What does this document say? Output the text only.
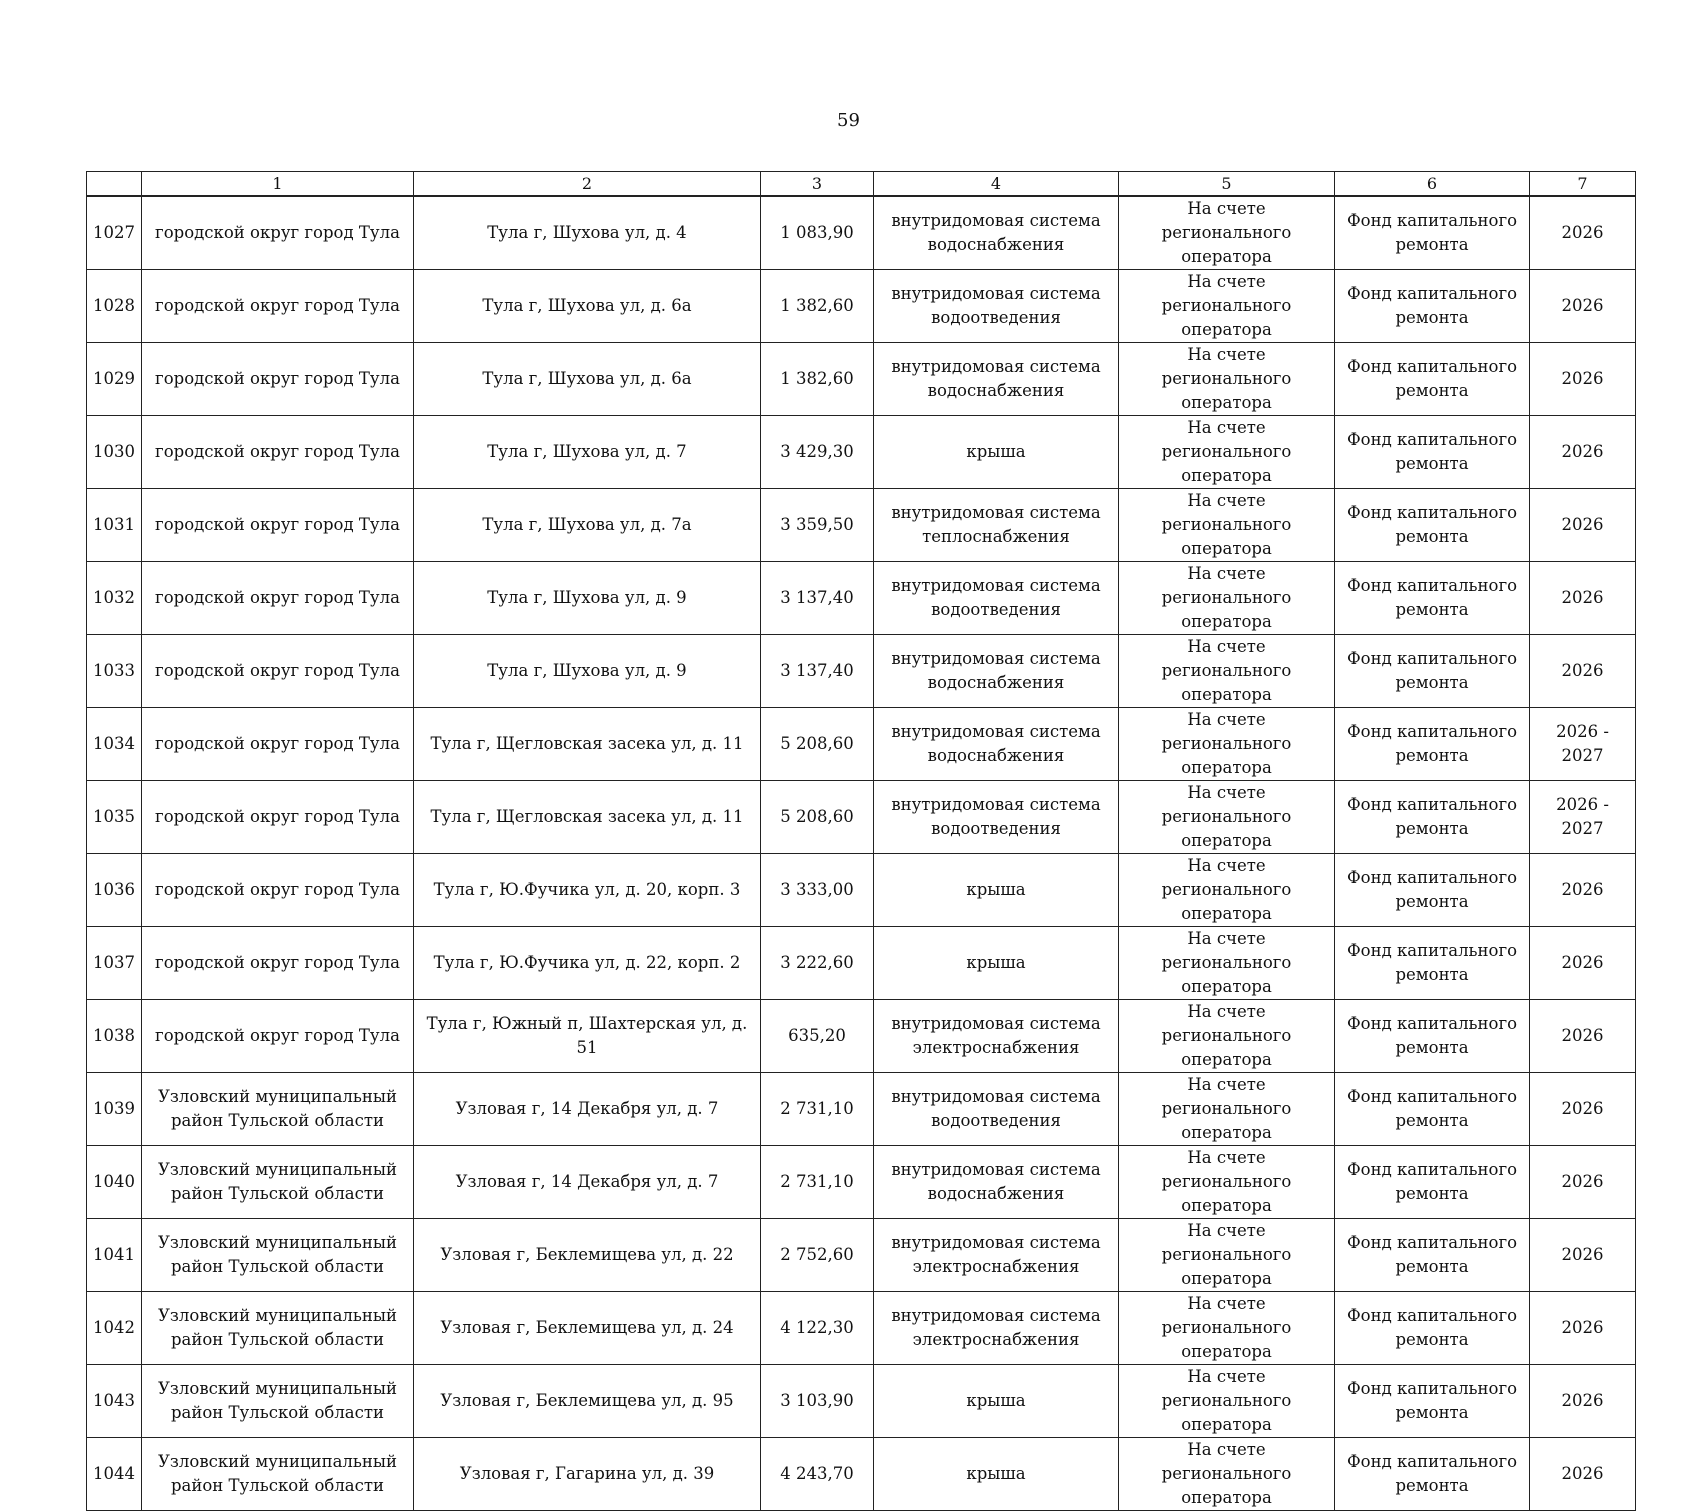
59
	1	2	3	4	5	6	7
1027	городской округ город Тула	Тула г, Шухова ул, д. 4	1 083,90	внутридомовая система водоснабжения	На счете регионального оператора	Фонд капитального ремонта	2026
1028	городской округ город Тула	Тула г, Шухова ул, д. 6а	1 382,60	внутридомовая система водоотведения	На счете регионального оператора	Фонд капитального ремонта	2026
1029	городской округ город Тула	Тула г, Шухова ул, д. 6а	1 382,60	внутридомовая система водоснабжения	На счете регионального оператора	Фонд капитального ремонта	2026
1030	городской округ город Тула	Тула г, Шухова ул, д. 7	3 429,30	крыша	На счете регионального оператора	Фонд капитального ремонта	2026
1031	городской округ город Тула	Тула г, Шухова ул, д. 7а	3 359,50	внутридомовая система теплоснабжения	На счете регионального оператора	Фонд капитального ремонта	2026
1032	городской округ город Тула	Тула г, Шухова ул, д. 9	3 137,40	внутридомовая система водоотведения	На счете регионального оператора	Фонд капитального ремонта	2026
1033	городской округ город Тула	Тула г, Шухова ул, д. 9	3 137,40	внутридомовая система водоснабжения	На счете регионального оператора	Фонд капитального ремонта	2026
1034	городской округ город Тула	Тула г, Щегловская засека ул, д. 11	5 208,60	внутридомовая система водоснабжения	На счете регионального оператора	Фонд капитального ремонта	2026 - 2027
1035	городской округ город Тула	Тула г, Щегловская засека ул, д. 11	5 208,60	внутридомовая система водоотведения	На счете регионального оператора	Фонд капитального ремонта	2026 - 2027
1036	городской округ город Тула	Тула г, Ю.Фучика ул, д. 20, корп. 3	3 333,00	крыша	На счете регионального оператора	Фонд капитального ремонта	2026
1037	городской округ город Тула	Тула г, Ю.Фучика ул, д. 22, корп. 2	3 222,60	крыша	На счете регионального оператора	Фонд капитального ремонта	2026
1038	городской округ город Тула	Тула г, Южный п, Шахтерская ул, д. 51	635,20	внутридомовая система электроснабжения	На счете регионального оператора	Фонд капитального ремонта	2026
1039	Узловский муниципальный район Тульской области	Узловая г, 14 Декабря ул, д. 7	2 731,10	внутридомовая система водоотведения	На счете регионального оператора	Фонд капитального ремонта	2026
1040	Узловский муниципальный район Тульской области	Узловая г, 14 Декабря ул, д. 7	2 731,10	внутридомовая система водоснабжения	На счете регионального оператора	Фонд капитального ремонта	2026
1041	Узловский муниципальный район Тульской области	Узловая г, Беклемищева ул, д. 22	2 752,60	внутридомовая система электроснабжения	На счете регионального оператора	Фонд капитального ремонта	2026
1042	Узловский муниципальный район Тульской области	Узловая г, Беклемищева ул, д. 24	4 122,30	внутридомовая система электроснабжения	На счете регионального оператора	Фонд капитального ремонта	2026
1043	Узловский муниципальный район Тульской области	Узловая г, Беклемищева ул, д. 95	3 103,90	крыша	На счете регионального оператора	Фонд капитального ремонта	2026
1044	Узловский муниципальный район Тульской области	Узловая г, Гагарина ул, д. 39	4 243,70	крыша	На счете регионального оператора	Фонд капитального ремонта	2026
